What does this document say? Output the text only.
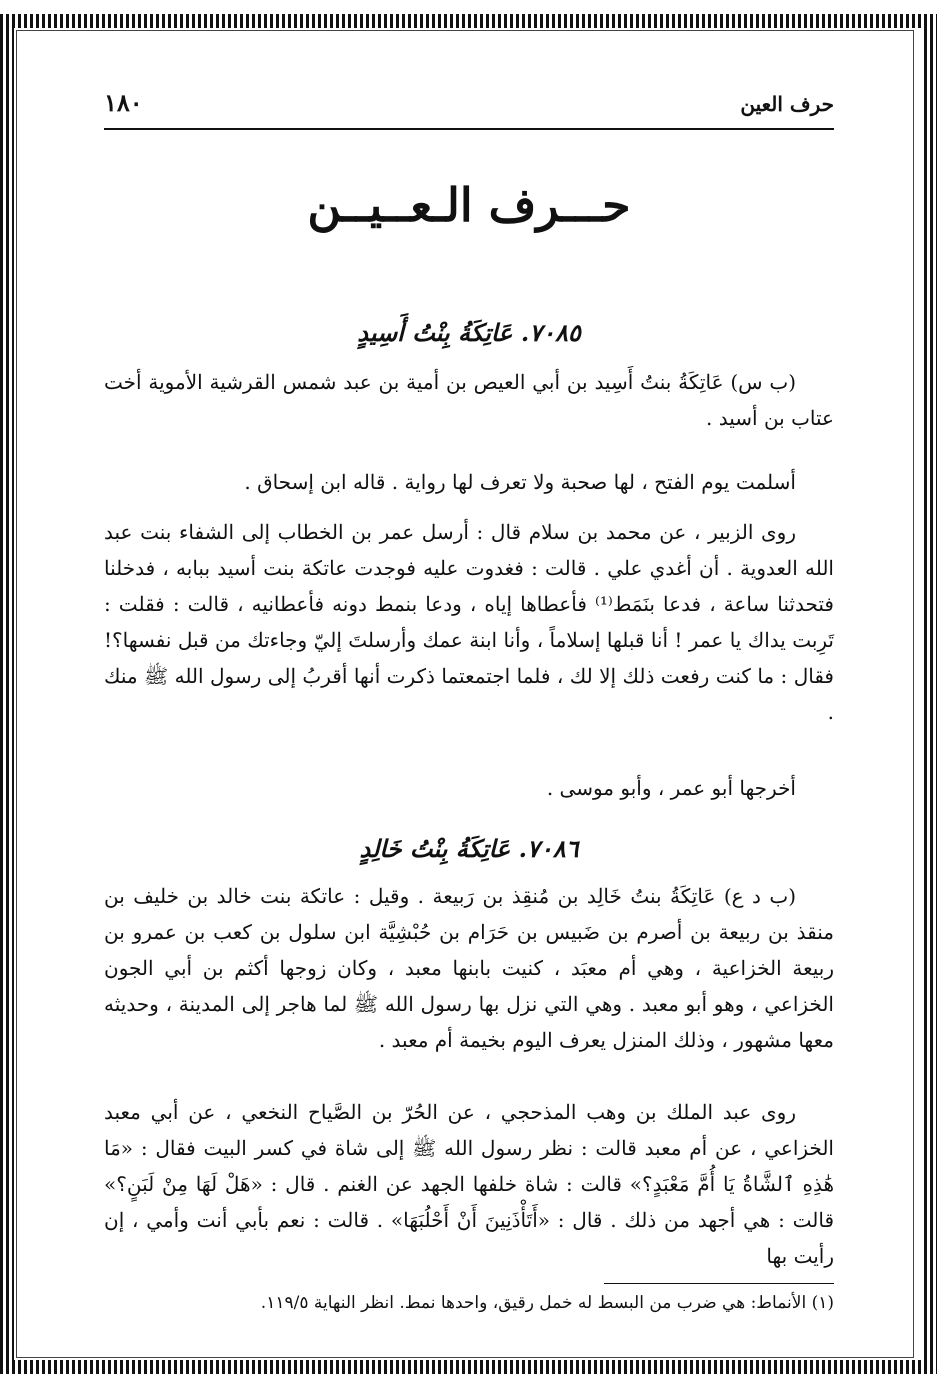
حرف العين
١٨٠
حـــرف الـعــيــن
٧٠٨٥. عَاتِكَةُ بِنْتُ أَسِيدٍ
(ب س) عَاتِكَةُ بنتُ أَسِيد بن أبي العيص بن أمية بن عبد شمس القرشية الأموية أخت عتاب بن أسيد .
أسلمت يوم الفتح ، لها صحبة ولا تعرف لها رواية . قاله ابن إسحاق .
روى الزبير ، عن محمد بن سلام قال : أرسل عمر بن الخطاب إلى الشفاء بنت عبد الله العدوية . أن أغدي علي . قالت : فغدوت عليه فوجدت عاتكة بنت أسيد ببابه ، فدخلنا فتحدثنا ساعة ، فدعا بنَمَط⁽¹⁾ فأعطاها إياه ، ودعا بنمط دونه فأعطانيه ، قالت : فقلت : تَرِبت يداك يا عمر ! أنا قبلها إسلاماً ، وأنا ابنة عمك وأرسلتَ إليّ وجاءتك من قبل نفسها؟! فقال : ما كنت رفعت ذلك إلا لك ، فلما اجتمعتما ذكرت أنها أقربُ إلى رسول الله ﷺ منك .
أخرجها أبو عمر ، وأبو موسى .
٧٠٨٦. عَاتِكَةُ بِنْتُ خَالِدٍ
(ب د ع) عَاتِكَةُ بنتُ خَالِد بن مُنقِذ بن رَبيعة . وقيل : عاتكة بنت خالد بن خليف بن منقذ بن ربيعة بن أصرم بن ضَبيس بن حَرَام بن حُبْشِيَّة ابن سلول بن كعب بن عمرو بن ربيعة الخزاعية ، وهي أم معبَد ، كنيت بابنها معبد ، وكان زوجها أكثم بن أبي الجون الخزاعي ، وهو أبو معبد . وهي التي نزل بها رسول الله ﷺ لما هاجر إلى المدينة ، وحديثه معها مشهور ، وذلك المنزل يعرف اليوم بخيمة أم معبد .
روى عبد الملك بن وهب المذحجي ، عن الحُرّ بن الصَّياح النخعي ، عن أبي معبد الخزاعي ، عن أم معبد قالت : نظر رسول الله ﷺ إلى شاة في كسر البيت فقال : «مَا هَٰذِهِ ٱلشَّاةُ يَا أُمَّ مَعْبَدٍ؟» قالت : شاة خلفها الجهد عن الغنم . قال : «هَلْ لَهَا مِنْ لَبَنٍ؟» قالت : هي أجهد من ذلك . قال : «أَتَأْذَنِينَ أَنْ أَحْلُبَهَا» . قالت : نعم بأبي أنت وأمي ، إن رأيت بها
(١) الأنماط: هي ضرب من البسط له خمل رقيق، واحدها نمط. انظر النهاية ١١٩/٥.
